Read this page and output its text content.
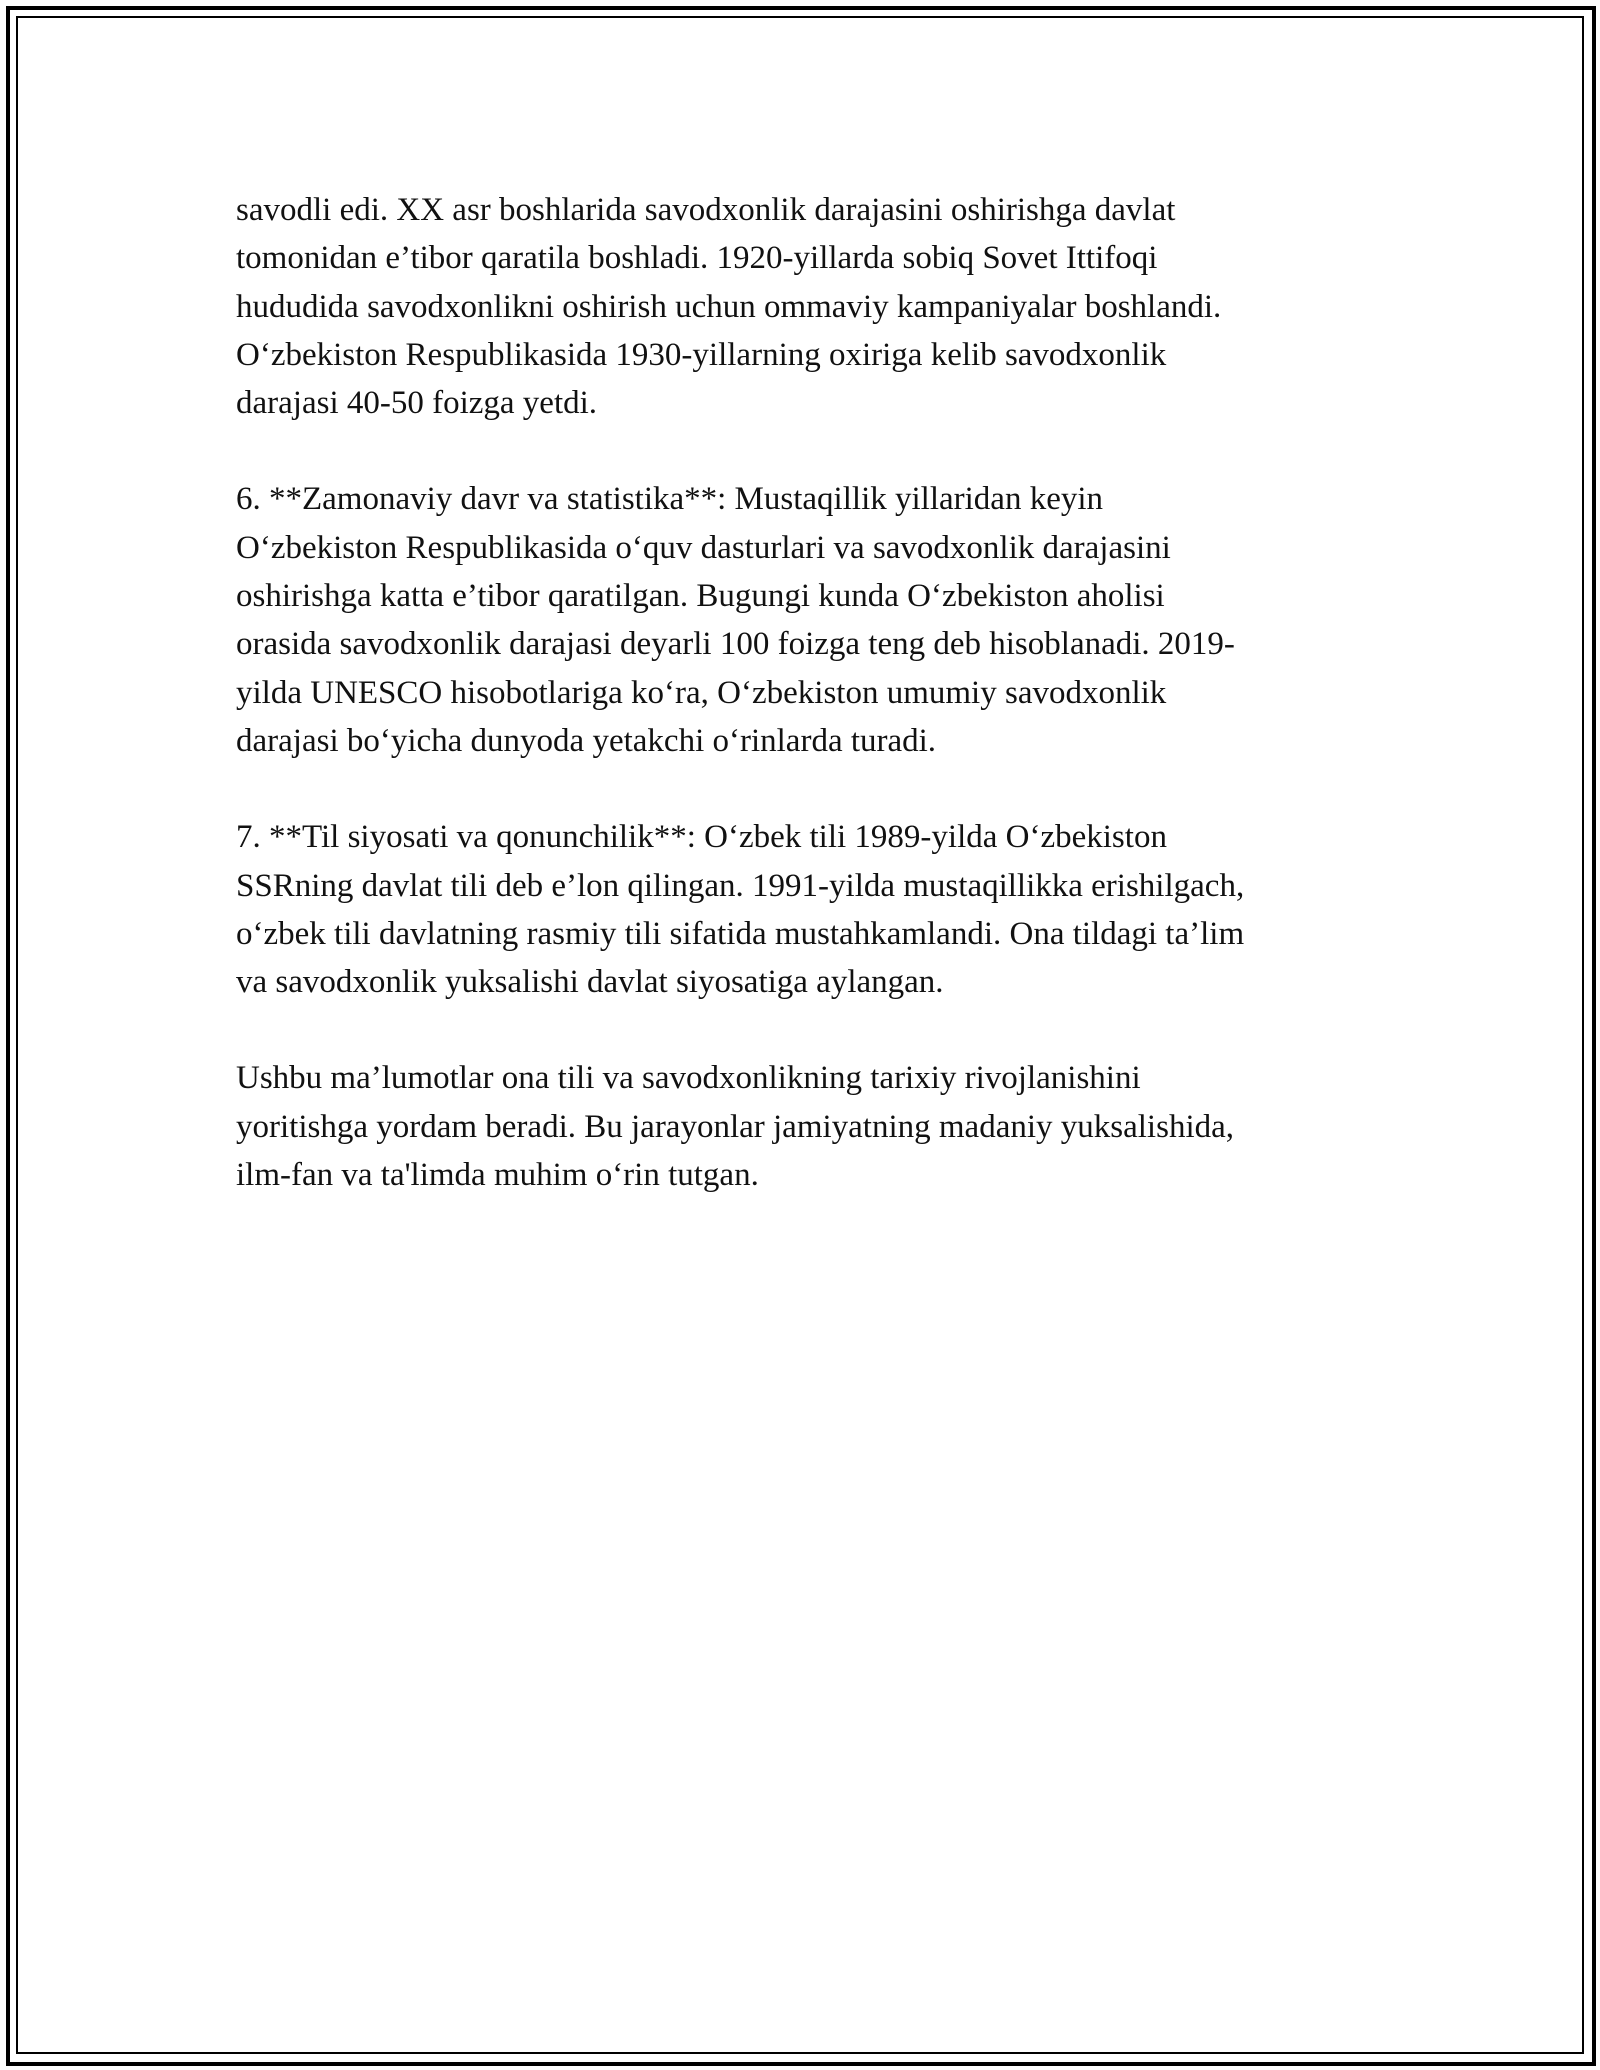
savodli edi. XX asr boshlarida savodxonlik darajasini oshirishga davlat
tomonidan e’tibor qaratila boshladi. 1920-yillarda sobiq Sovet Ittifoqi
hududida savodxonlikni oshirish uchun ommaviy kampaniyalar boshlandi.
O‘zbekiston Respublikasida 1930-yillarning oxiriga kelib savodxonlik
darajasi 40-50 foizga yetdi.

6. **Zamonaviy davr va statistika**: Mustaqillik yillaridan keyin
O‘zbekiston Respublikasida o‘quv dasturlari va savodxonlik darajasini
oshirishga katta e’tibor qaratilgan. Bugungi kunda O‘zbekiston aholisi
orasida savodxonlik darajasi deyarli 100 foizga teng deb hisoblanadi. 2019-
yilda UNESCO hisobotlariga ko‘ra, O‘zbekiston umumiy savodxonlik
darajasi bo‘yicha dunyoda yetakchi o‘rinlarda turadi.

7. **Til siyosati va qonunchilik**: O‘zbek tili 1989-yilda O‘zbekiston
SSRning davlat tili deb e’lon qilingan. 1991-yilda mustaqillikka erishilgach,
o‘zbek tili davlatning rasmiy tili sifatida mustahkamlandi. Ona tildagi ta’lim
va savodxonlik yuksalishi davlat siyosatiga aylangan.

Ushbu ma’lumotlar ona tili va savodxonlikning tarixiy rivojlanishini
yoritishga yordam beradi. Bu jarayonlar jamiyatning madaniy yuksalishida,
ilm-fan va ta'limda muhim o‘rin tutgan.
